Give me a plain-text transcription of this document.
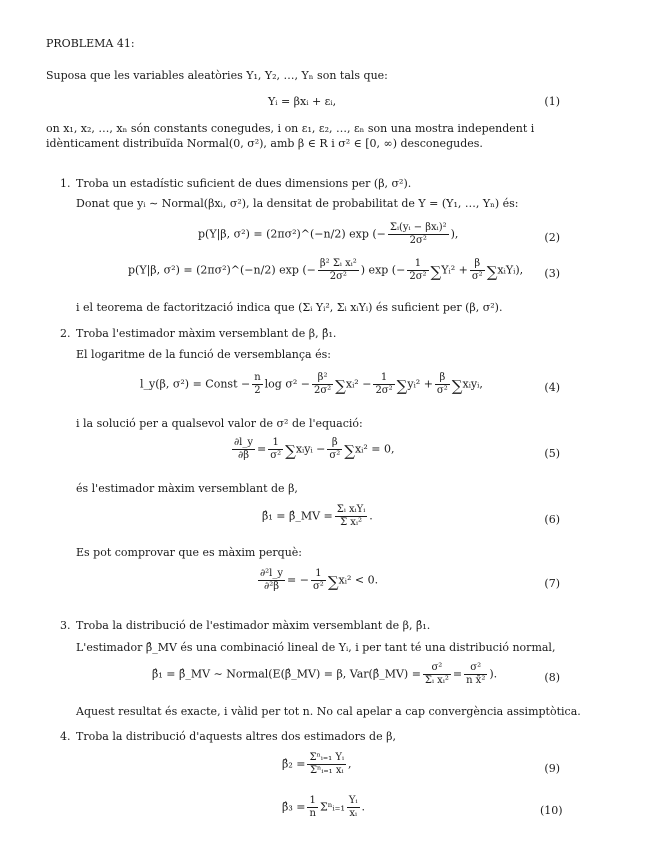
PROBLEMA 41:
Suposa que les variables aleatòries Y₁, Y₂, …, Yₙ son tals que:
Yᵢ = βxᵢ + εᵢ,	(1)
on x₁, x₂, …, xₙ són constants conegudes, i on ε₁, ε₂, …, εₙ son una mostra independent i idènticament distribuïda Normal(0, σ²), amb β ∈ R i σ² ∈ [0, ∞) desconegudes.
1. Troba un estadístic suficient de dues dimensions per (β, σ²).
Donat que yᵢ ∼ Normal(βxᵢ, σ²), la densitat de probabilitat de Y = (Y₁, …, Yₙ) és:
p(Y|β, σ²) = (2πσ²)^(−n/2) exp (− $\frac{\text{Σᵢ(yᵢ − βxᵢ)²}}{\text{2σ²}}$ ),	(2)
p(Y|β, σ²) = (2πσ²)^(−n/2) exp (− $\frac{\text{β² Σᵢ xᵢ²}}{\text{2σ²}}$ ) exp (− $\frac{1}{\text{2σ²}}$ ∑Yᵢ² + $\frac{\beta}{\text{σ²}}$ ∑xᵢYᵢ),	(3)
i el teorema de factorització indica que (Σᵢ Yᵢ², Σᵢ xᵢYᵢ) és suficient per (β, σ²).
2. Troba l'estimador màxim versemblant de β, β̂₁.
El logaritme de la funció de versemblança és:
l_y(β, σ²) = Const − $\frac{n}{2}$ $\log \sigma^2 - \frac{\text{β²}}{\text{2σ²}}$ ∑xᵢ² − $\frac{1}{\text{2σ²}}$ ∑yᵢ² + $\frac{\beta}{\text{σ²}}$ ∑xᵢyᵢ,	(4)
i la solució per a qualsevol valor de σ² de l'equació:
$\frac{\partial l\_y}{\partial\beta} = \frac{1}{\text{σ²}}$ ∑xᵢyᵢ − $\frac{\beta}{\text{σ²}}$ ∑xᵢ² = 0,	(5)
és l'estimador màxim versemblant de β,
β̂₁ = β̂_MV = $\frac{\text{Σᵢ xᵢYᵢ}}{\text{Σ xᵢ²}}$ .	(6)
Es pot comprovar que es màxim perquè:
$\frac{\text{∂²l\_y}}{\text{∂²β}}$ = − $\frac{1}{\text{σ²}}$ ∑xᵢ² < 0.	(7)
3. Troba la distribució de l'estimador màxim versemblant de β, β̂₁.
L'estimador β̂_MV és una combinació lineal de Yᵢ, i per tant té una distribució normal,
β̂₁ = β̂_MV ∼ Normal(E(β̂_MV) = β, Var(β̂_MV) = $\frac{\text{σ²}}{\text{Σᵢ xᵢ²}} = \frac{\text{σ²}}{\text{n x̄²}}$ ).	(8)
Aquest resultat és exacte, i vàlid per tot n. No cal apelar a cap convergència assimptòtica.
4. Troba la distribució d'aquests altres dos estimadors de β,
β̂₂ = $\frac{\text{Σⁿᵢ₌₁ Yᵢ}}{\text{Σⁿᵢ₌₁ xᵢ}}$ ,	(9)
β̂₃ = $\frac{1}{n}$ Σⁿᵢ₌₁ $\frac{\text{Yᵢ}}{\text{xᵢ}}$ .	(10)
